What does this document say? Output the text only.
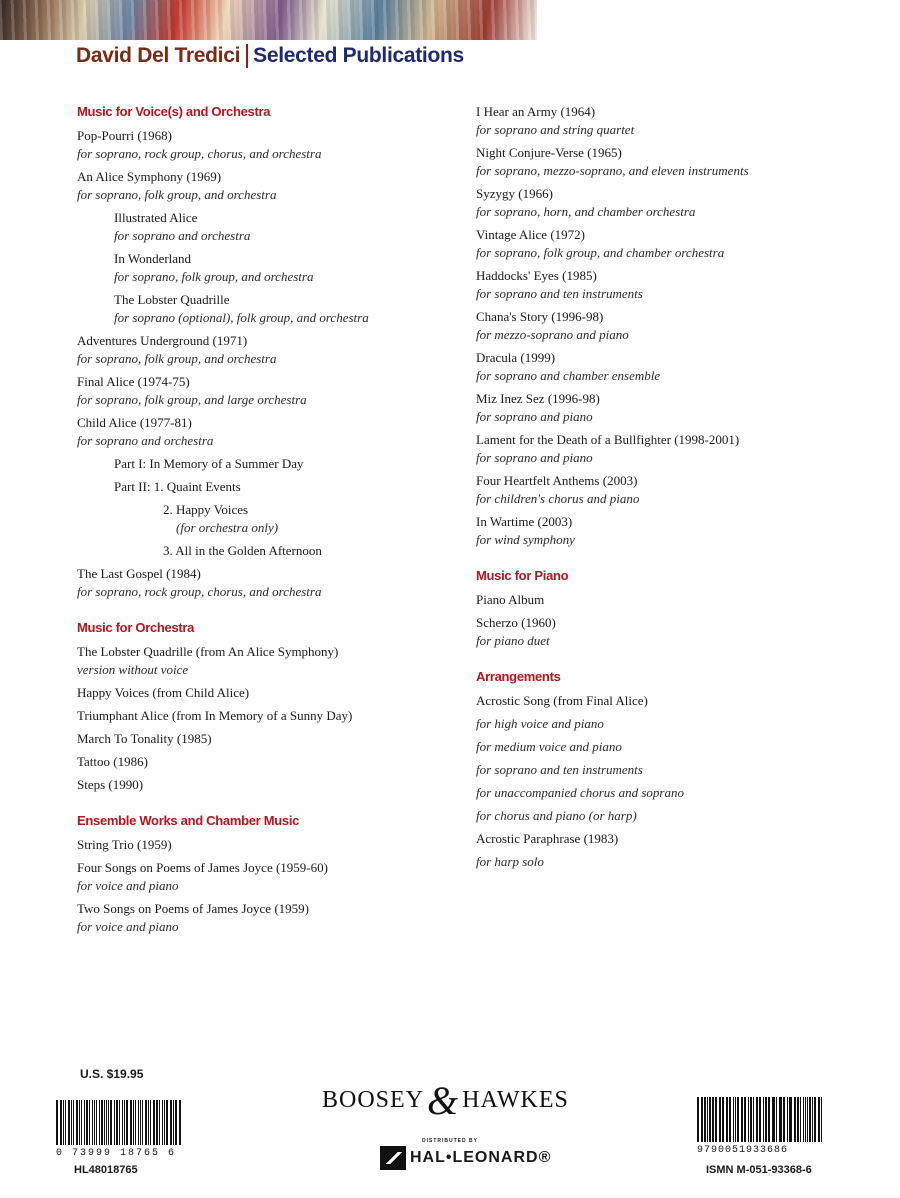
David Del Tredici Selected Publications
Music for Voice(s) and Orchestra
Pop-Pourri (1968)
for soprano, rock group, chorus, and orchestra
An Alice Symphony (1969)
for soprano, folk group, and orchestra
Illustrated Alice
for soprano and orchestra
In Wonderland
for soprano, folk group, and orchestra
The Lobster Quadrille
for soprano (optional), folk group, and orchestra
Adventures Underground (1971)
for soprano, folk group, and orchestra
Final Alice (1974-75)
for soprano, folk group, and large orchestra
Child Alice (1977-81)
for soprano and orchestra
Part I: In Memory of a Summer Day
Part II: 1. Quaint Events
2. Happy Voices
(for orchestra only)
3. All in the Golden Afternoon
The Last Gospel (1984)
for soprano, rock group, chorus, and orchestra
Music for Orchestra
The Lobster Quadrille (from An Alice Symphony)
version without voice
Happy Voices (from Child Alice)
Triumphant Alice (from In Memory of a Sunny Day)
March To Tonality (1985)
Tattoo (1986)
Steps (1990)
Ensemble Works and Chamber Music
String Trio (1959)
Four Songs on Poems of James Joyce (1959-60)
for voice and piano
Two Songs on Poems of James Joyce (1959)
for voice and piano
I Hear an Army (1964)
for soprano and string quartet
Night Conjure-Verse (1965)
for soprano, mezzo-soprano, and eleven instruments
Syzygy (1966)
for soprano, horn, and chamber orchestra
Vintage Alice (1972)
for soprano, folk group, and chamber orchestra
Haddocks' Eyes (1985)
for soprano and ten instruments
Chana's Story (1996-98)
for mezzo-soprano and piano
Dracula (1999)
for soprano and chamber ensemble
Miz Inez Sez (1996-98)
for soprano and piano
Lament for the Death of a Bullfighter (1998-2001)
for soprano and piano
Four Heartfelt Anthems (2003)
for children's chorus and piano
In Wartime (2003)
for wind symphony
Music for Piano
Piano Album
Scherzo (1960)
for piano duet
Arrangements
Acrostic Song (from Final Alice)
for high voice and piano
for medium voice and piano
for soprano and ten instruments
for unaccompanied chorus and soprano
for chorus and piano (or harp)
Acrostic Paraphrase (1983)
for harp solo
U.S. $19.95
0 73999 18765 6
HL48018765
BOOSEY & HAWKES
DISTRIBUTED BY
HAL•LEONARD®	9790051933686
ISMN M-051-93368-6
